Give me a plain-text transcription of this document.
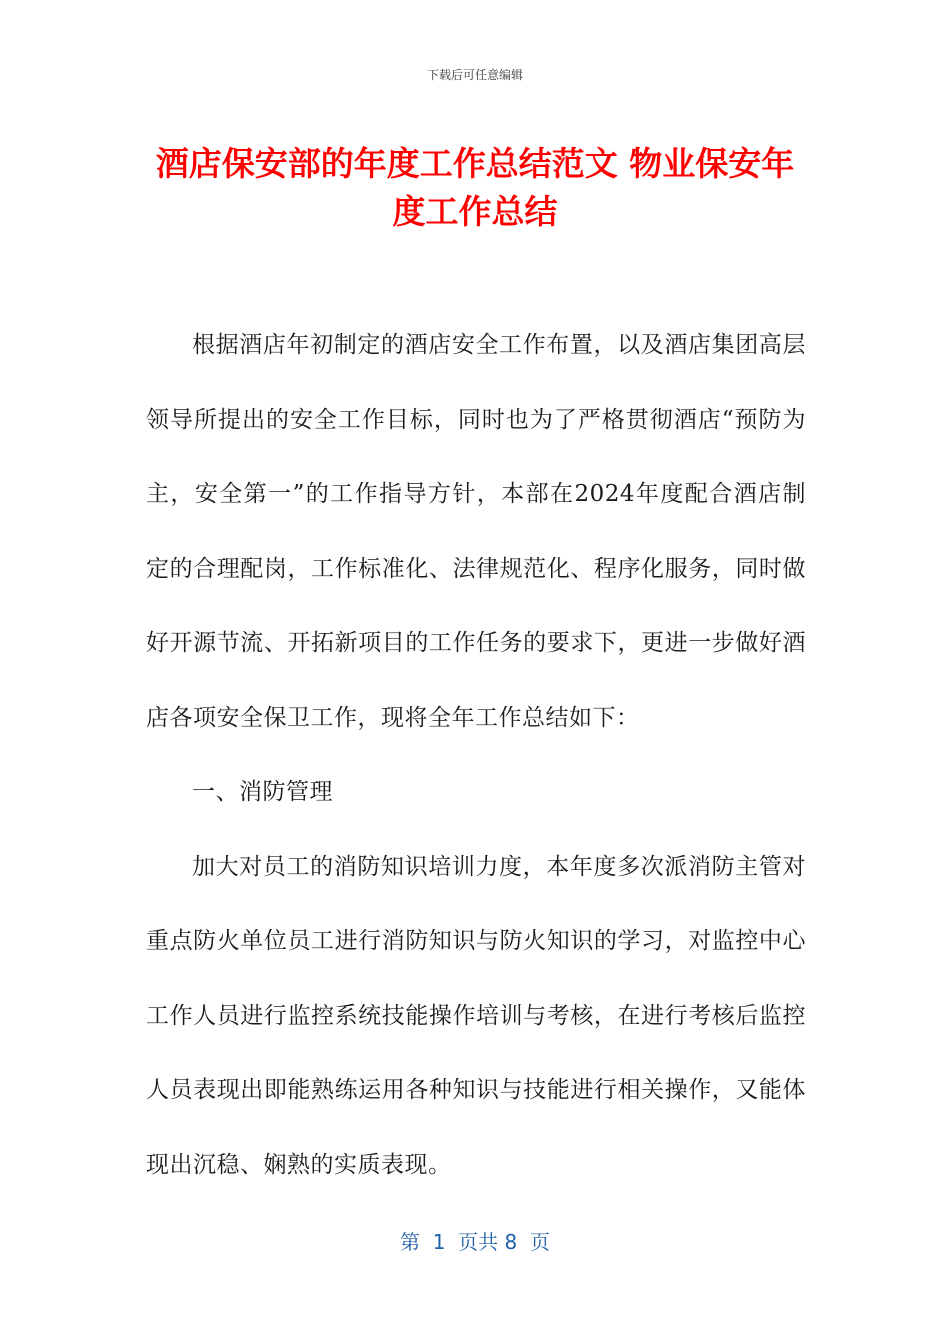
下载后可任意编辑
酒店保安部的年度工作总结范文 物业保安年度工作总结

根据酒店年初制定的酒店安全工作布置，以及酒店集团高层领导所提出的安全工作目标，同时也为了严格贯彻酒店“预防为主，安全第一”的工作指导方针，本部在2024年度配合酒店制定的合理配岗，工作标准化、法律规范化、程序化服务，同时做好开源节流、开拓新项目的工作任务的要求下，更进一步做好酒店各项安全保卫工作，现将全年工作总结如下：

一、消防管理

加大对员工的消防知识培训力度，本年度多次派消防主管对重点防火单位员工进行消防知识与防火知识的学习，对监控中心工作人员进行监控系统技能操作培训与考核，在进行考核后监控人员表现出即能熟练运用各种知识与技能进行相关操作，又能体现出沉稳、娴熟的实质表现。

第  1  页共 8  页
